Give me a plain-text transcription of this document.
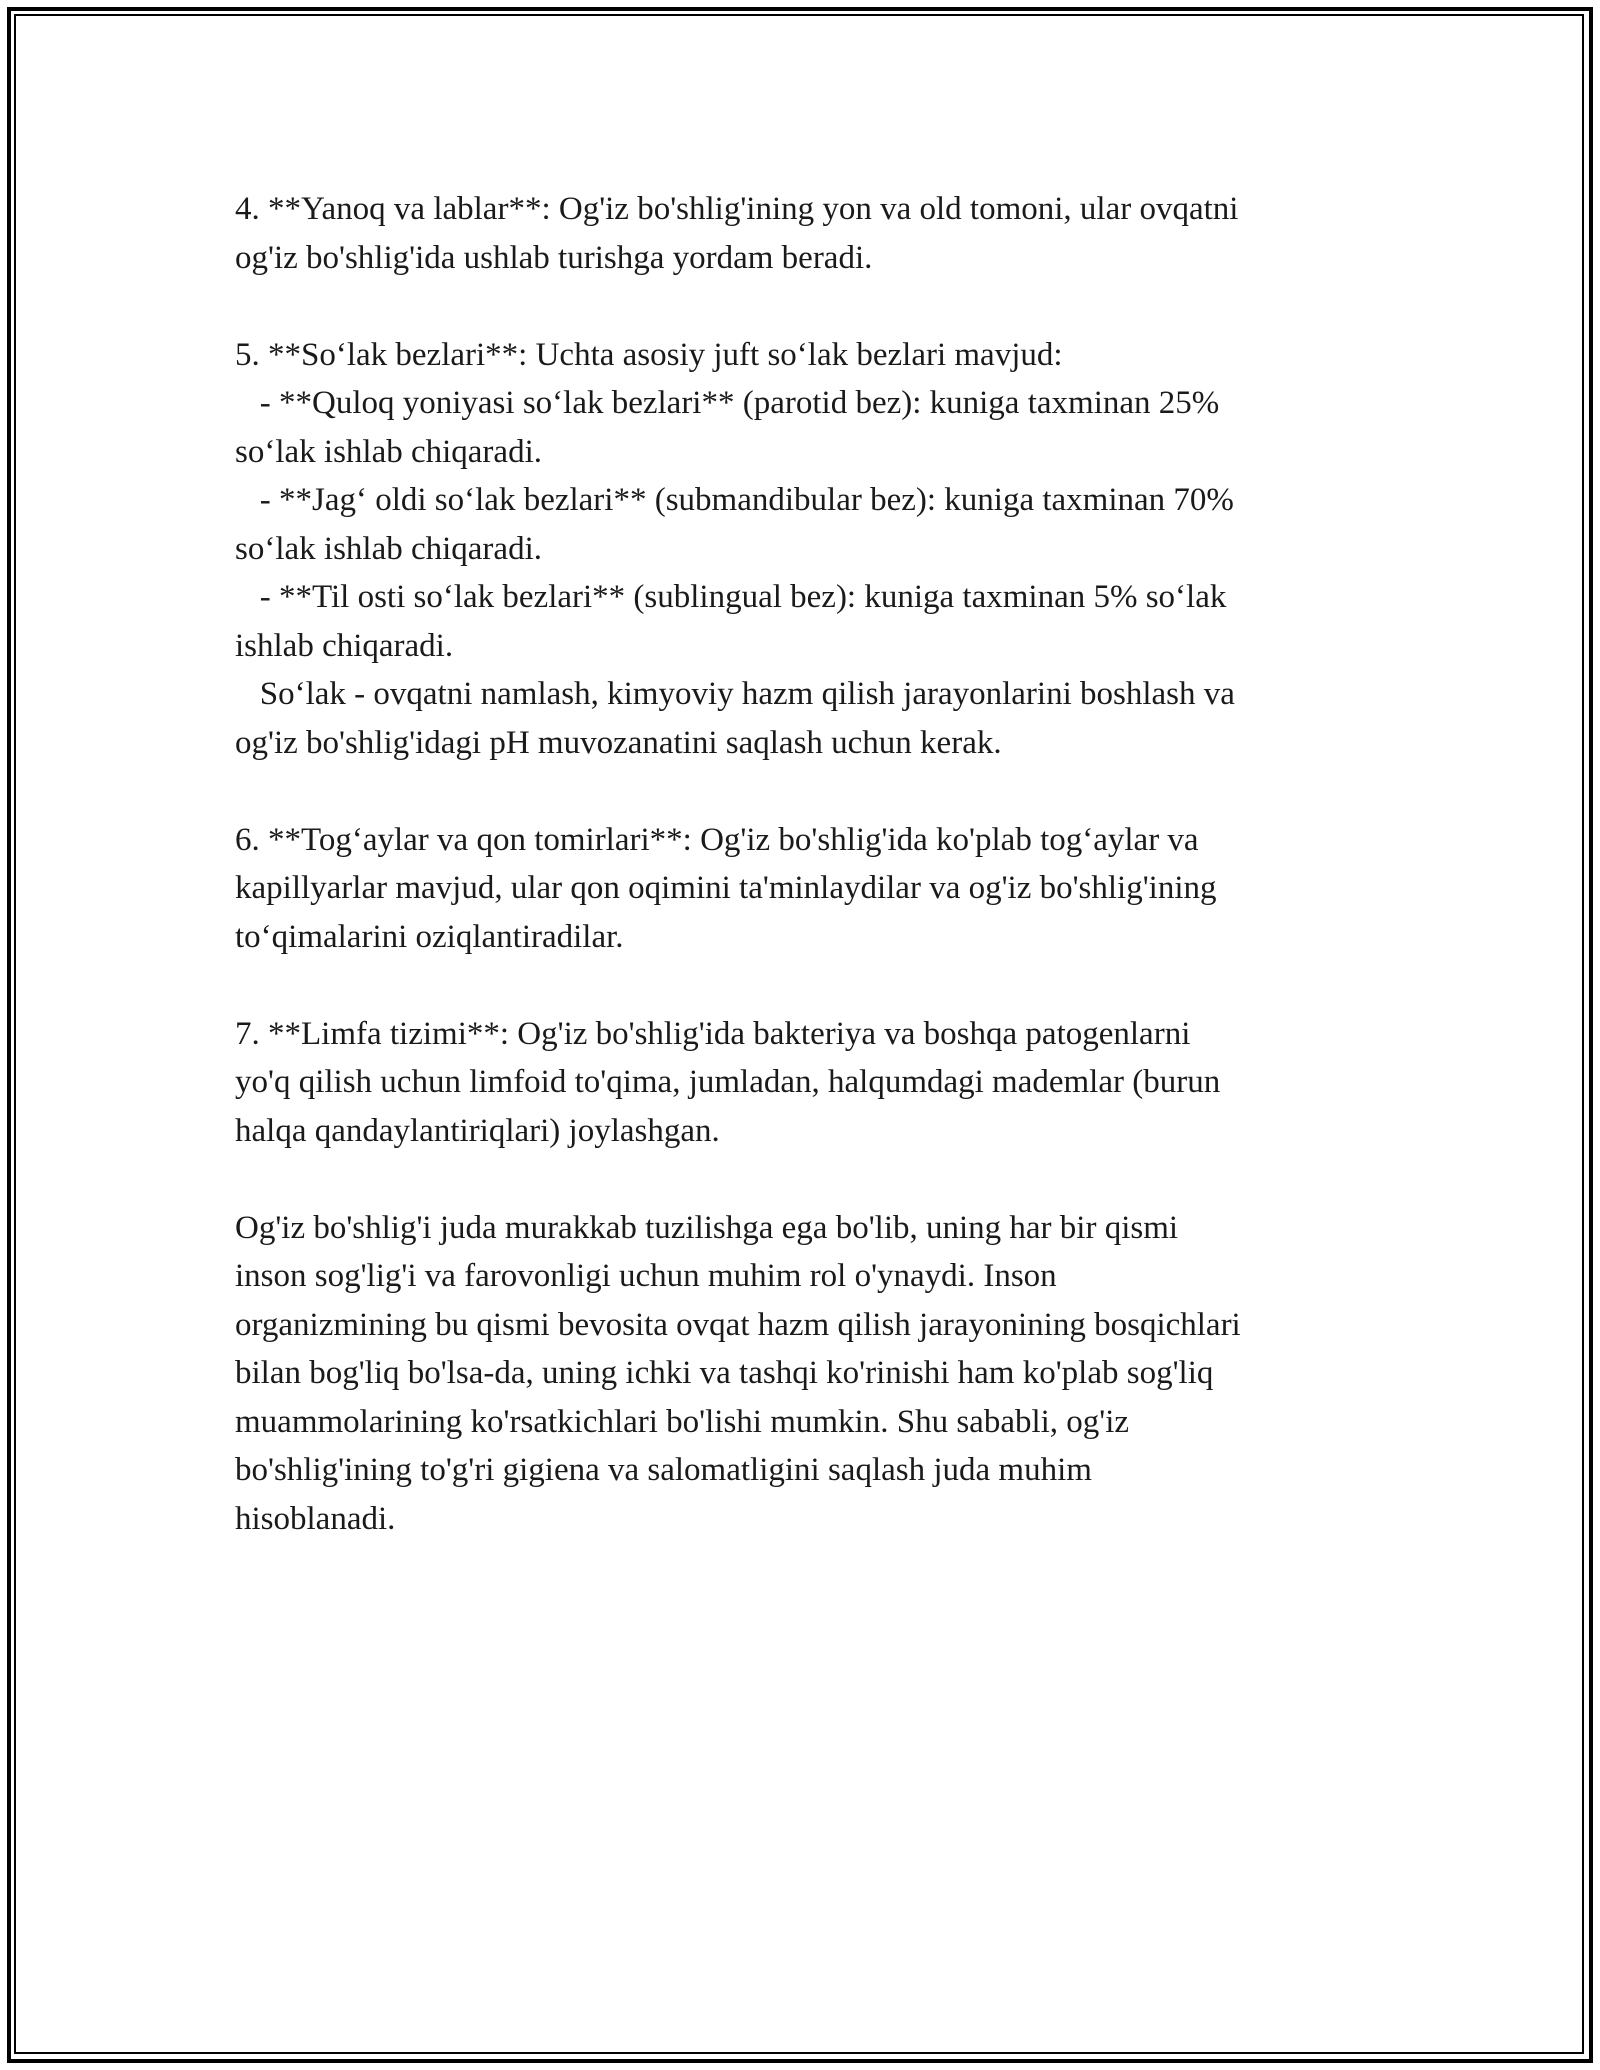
4. **Yanoq va lablar**: Og'iz bo'shlig'ining yon va old tomoni, ular ovqatni
og'iz bo'shlig'ida ushlab turishga yordam beradi.
5. **So‘lak bezlari**: Uchta asosiy juft so‘lak bezlari mavjud:
- **Quloq yoniyasi so‘lak bezlari** (parotid bez): kuniga taxminan 25%
so‘lak ishlab chiqaradi.
- **Jag‘ oldi so‘lak bezlari** (submandibular bez): kuniga taxminan 70%
so‘lak ishlab chiqaradi.
- **Til osti so‘lak bezlari** (sublingual bez): kuniga taxminan 5% so‘lak
ishlab chiqaradi.
So‘lak - ovqatni namlash, kimyoviy hazm qilish jarayonlarini boshlash va
og'iz bo'shlig'idagi pH muvozanatini saqlash uchun kerak.
6. **Tog‘aylar va qon tomirlari**: Og'iz bo'shlig'ida ko'plab tog‘aylar va
kapillyarlar mavjud, ular qon oqimini ta'minlaydilar va og'iz bo'shlig'ining
to‘qimalarini oziqlantiradilar.
7. **Limfa tizimi**: Og'iz bo'shlig'ida bakteriya va boshqa patogenlarni
yo'q qilish uchun limfoid to'qima, jumladan, halqumdagi mademlar (burun
halqa qandaylantiriqlari) joylashgan.
Og'iz bo'shlig'i juda murakkab tuzilishga ega bo'lib, uning har bir qismi
inson sog'lig'i va farovonligi uchun muhim rol o'ynaydi. Inson
organizmining bu qismi bevosita ovqat hazm qilish jarayonining bosqichlari
bilan bog'liq bo'lsa-da, uning ichki va tashqi ko'rinishi ham ko'plab sog'liq
muammolarining ko'rsatkichlari bo'lishi mumkin. Shu sababli, og'iz
bo'shlig'ining to'g'ri gigiena va salomatligini saqlash juda muhim
hisoblanadi.
